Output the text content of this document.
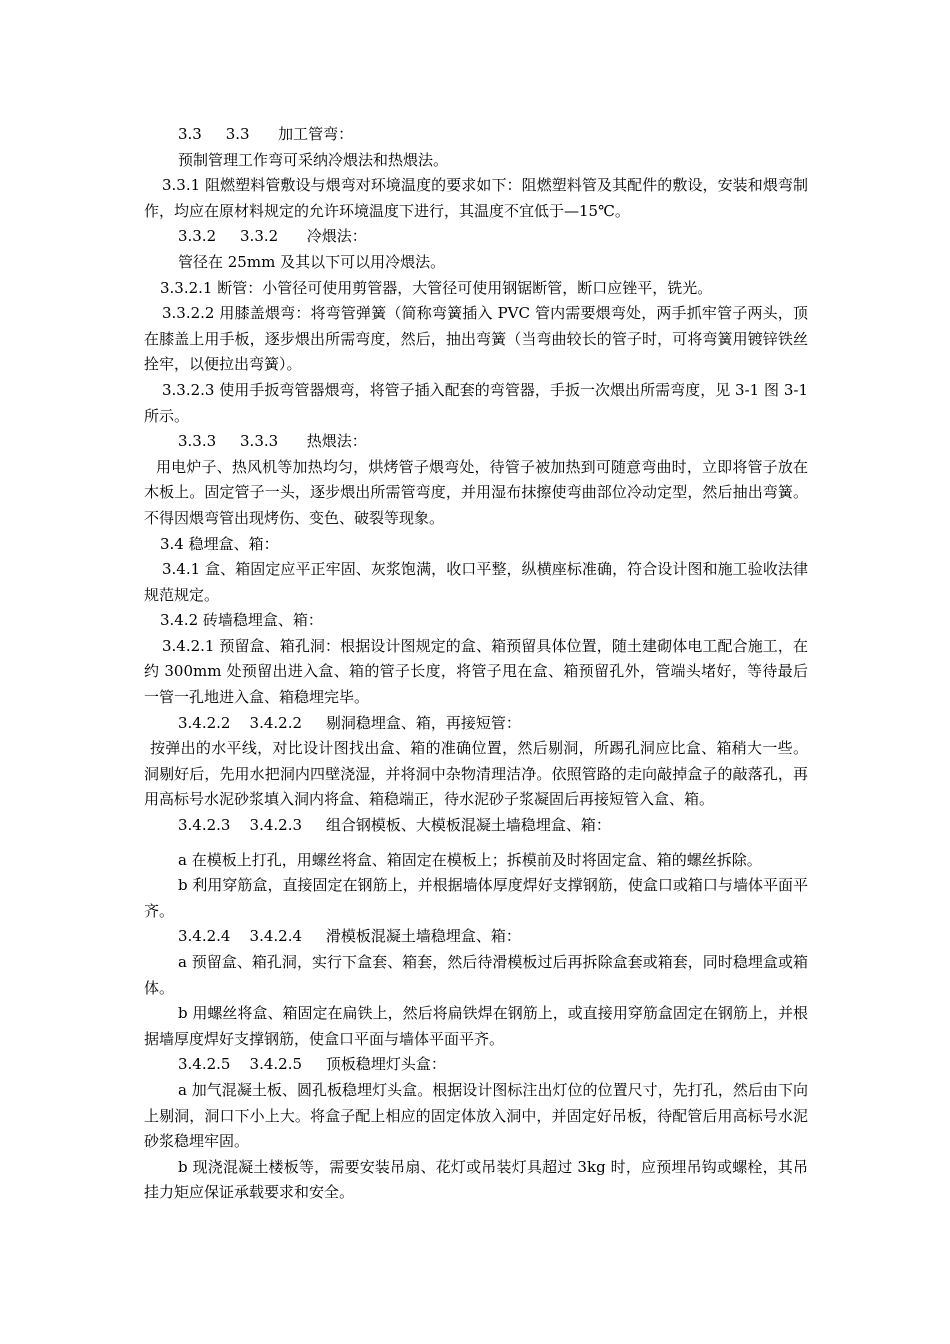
3.3     3.3      加工管弯：

预制管理工作弯可采纳冷煨法和热煨法。

3.3.1 阻燃塑料管敷设与煨弯对环境温度的要求如下：阻燃塑料管及其配件的敷设，安装和煨弯制作，均应在原材料规定的允许环境温度下进行，其温度不宜低于—15℃。

3.3.2     3.3.2      冷煨法：

管径在 25mm 及其以下可以用冷煨法。

3.3.2.1 断管：小管径可使用剪管器，大管径可使用钢锯断管，断口应锉平，铣光。

3.3.2.2 用膝盖煨弯：将弯管弹簧（简称弯簧插入 PVC 管内需要煨弯处，两手抓牢管子两头，顶在膝盖上用手板，逐步煨出所需弯度，然后，抽出弯簧（当弯曲较长的管子时，可将弯簧用镀锌铁丝拴牢，以便拉出弯簧）。

3.3.2.3 使用手扳弯管器煨弯，将管子插入配套的弯管器，手扳一次煨出所需弯度，见 3-1 图 3-1 所示。

3.3.3     3.3.3      热煨法：

用电炉子、热风机等加热均匀，烘烤管子煨弯处，待管子被加热到可随意弯曲时，立即将管子放在木板上。固定管子一头，逐步煨出所需管弯度，并用湿布抹擦使弯曲部位冷动定型，然后抽出弯簧。不得因煨弯管出现烤伤、变色、破裂等现象。

3.4 稳埋盒、箱：

3.4.1 盒、箱固定应平正牢固、灰浆饱满，收口平整，纵横座标准确，符合设计图和施工验收法律规范规定。

3.4.2 砖墙稳埋盒、箱：

3.4.2.1 预留盒、箱孔洞：根据设计图规定的盒、箱预留具体位置，随土建砌体电工配合施工，在约 300mm 处预留出进入盒、箱的管子长度，将管子甩在盒、箱预留孔外，管端头堵好，等待最后一管一孔地进入盒、箱稳埋完毕。

3.4.2.2    3.4.2.2     剔洞稳埋盒、箱，再接短管：

按弹出的水平线，对比设计图找出盒、箱的准确位置，然后剔洞，所踢孔洞应比盒、箱稍大一些。洞剔好后，先用水把洞内四壁浇湿，并将洞中杂物清理洁净。依照管路的走向敲掉盒子的敲落孔，再用高标号水泥砂浆填入洞内将盒、箱稳端正，待水泥砂子浆凝固后再接短管入盒、箱。

3.4.2.3    3.4.2.3     组合钢模板、大模板混凝土墙稳埋盒、箱：

a 在模板上打孔，用螺丝将盒、箱固定在模板上；拆模前及时将固定盒、箱的螺丝拆除。

b 利用穿筋盒，直接固定在钢筋上，并根据墙体厚度焊好支撑钢筋，使盒口或箱口与墙体平面平齐。

3.4.2.4    3.4.2.4     滑模板混凝土墙稳埋盒、箱：

a 预留盒、箱孔洞，实行下盒套、箱套，然后待滑模板过后再拆除盒套或箱套，同时稳埋盒或箱体。

b 用螺丝将盒、箱固定在扁铁上，然后将扁铁焊在钢筋上，或直接用穿筋盒固定在钢筋上，并根据墙厚度焊好支撑钢筋，使盒口平面与墙体平面平齐。

3.4.2.5    3.4.2.5     顶板稳埋灯头盒：

a 加气混凝土板、圆孔板稳埋灯头盒。根据设计图标注出灯位的位置尺寸，先打孔，然后由下向上剔洞，洞口下小上大。将盒子配上相应的固定体放入洞中，并固定好吊板，待配管后用高标号水泥砂浆稳埋牢固。

b 现浇混凝土楼板等，需要安装吊扇、花灯或吊装灯具超过 3kg 时，应预埋吊钩或螺栓，其吊挂力矩应保证承载要求和安全。
